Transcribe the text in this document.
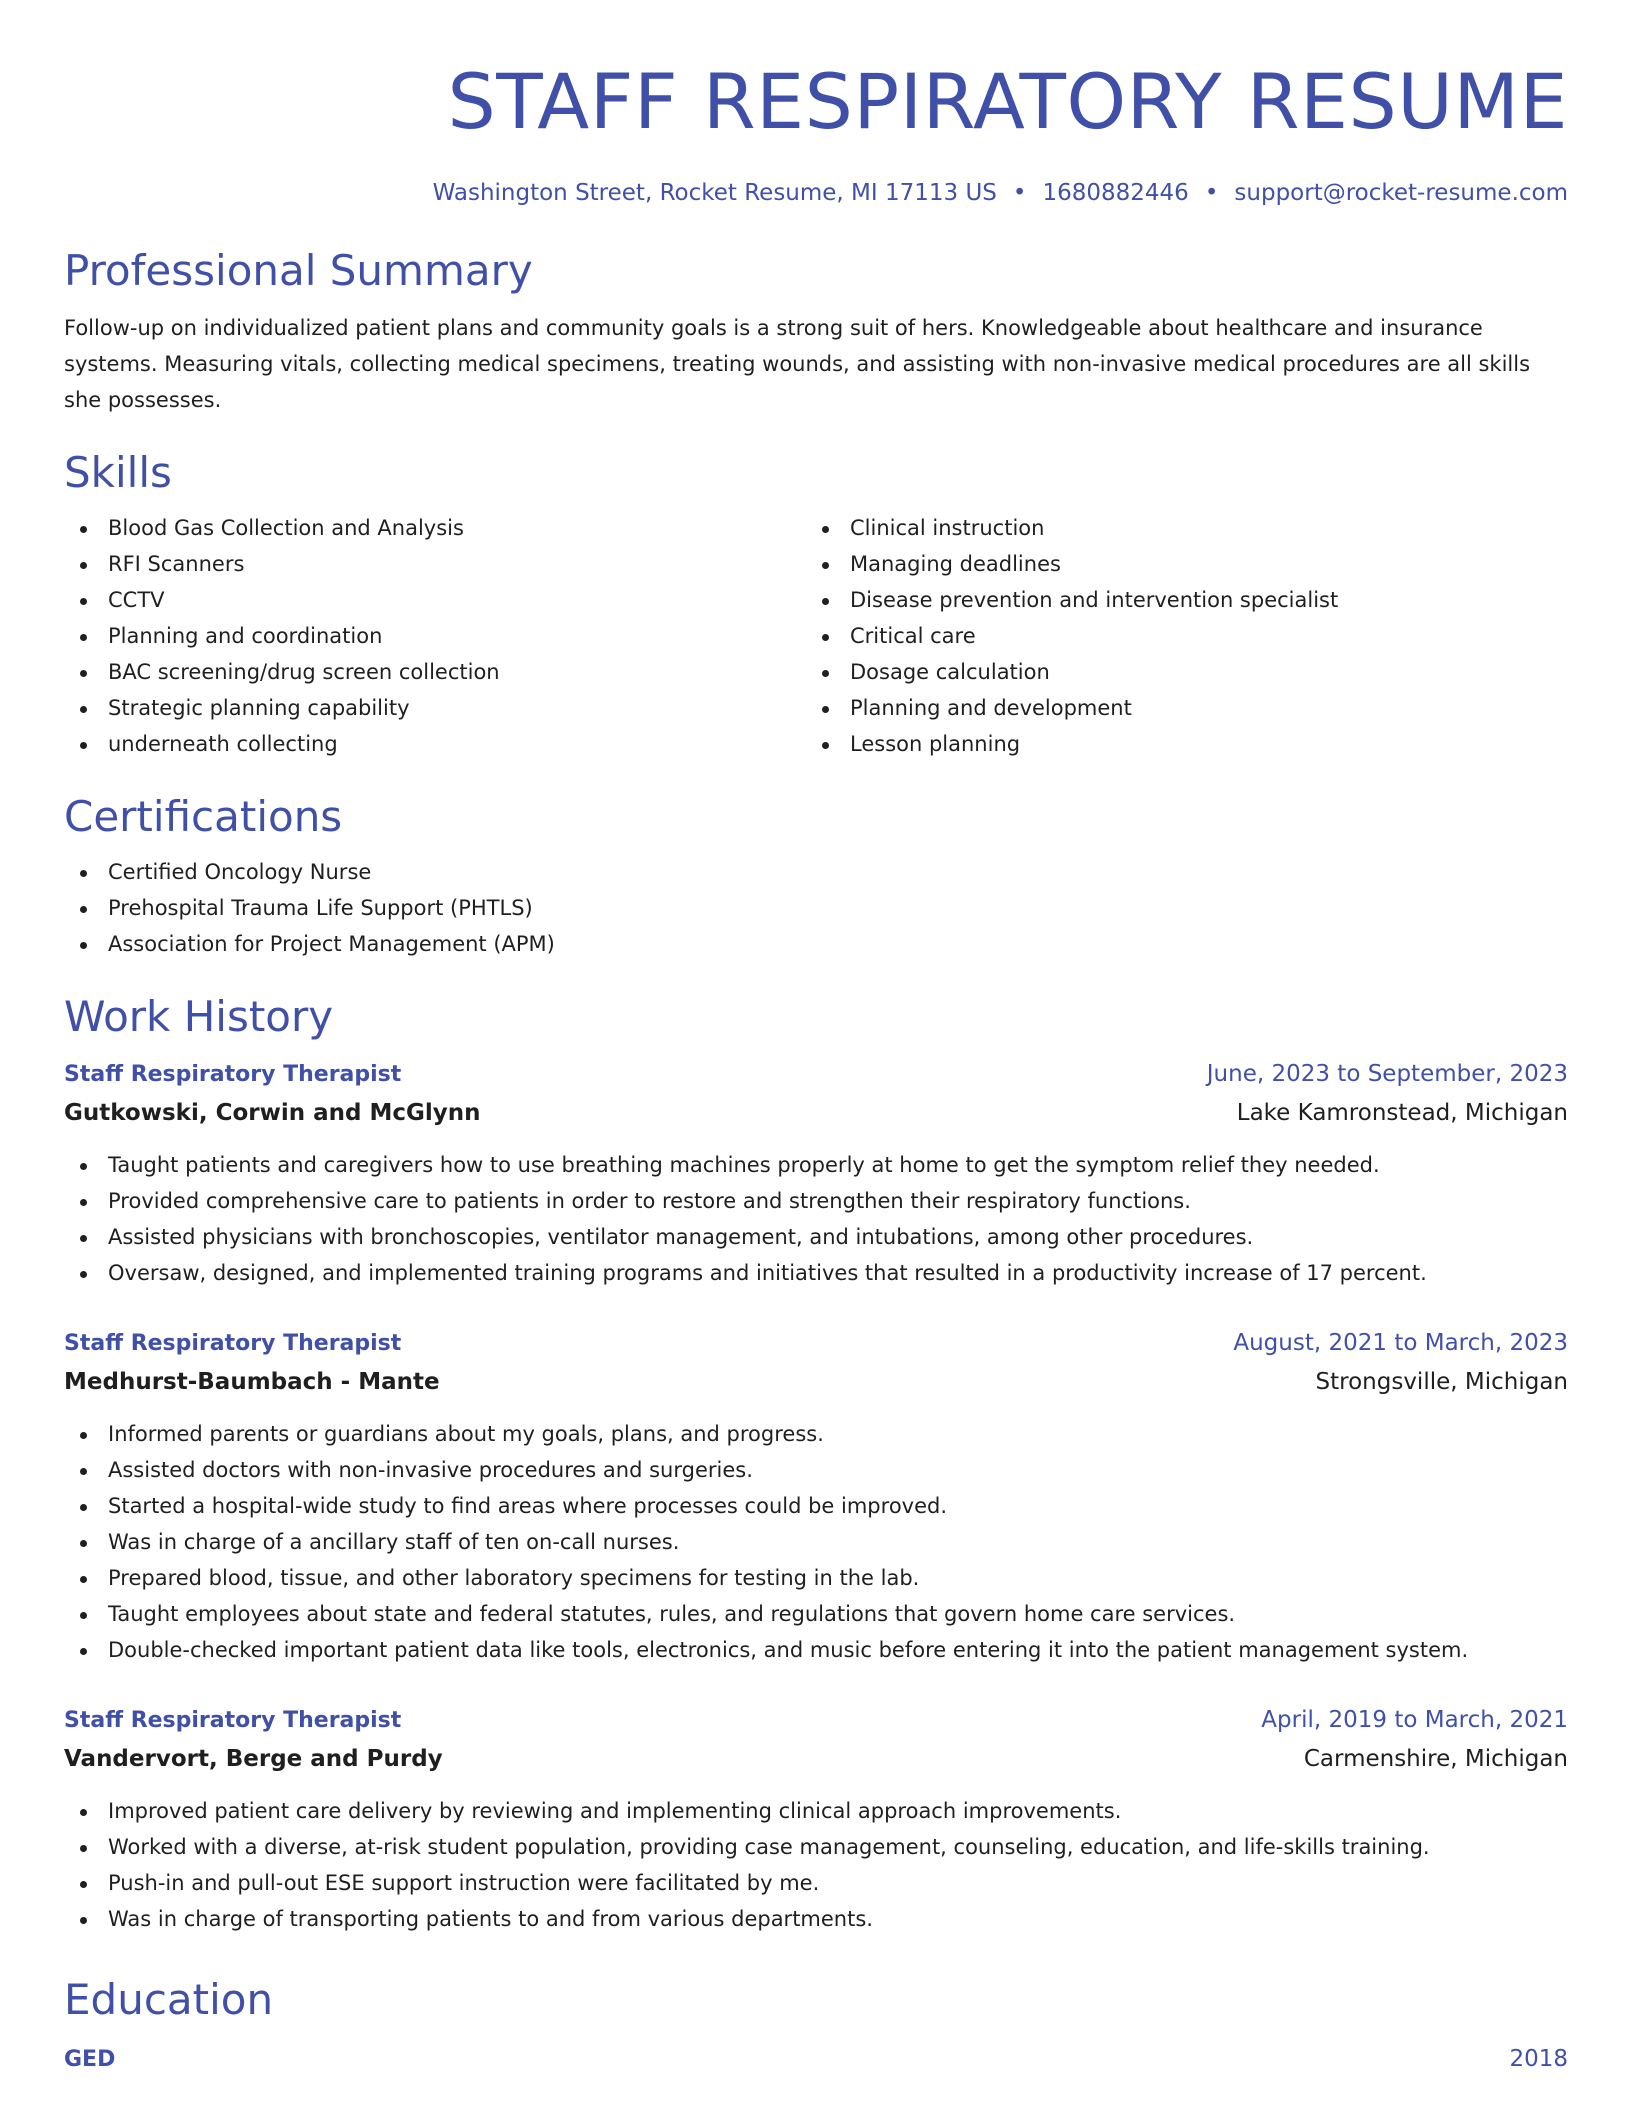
STAFF RESPIRATORY RESUME
Washington Street, Rocket Resume, MI 17113 US • 1680882446 • support@rocket-resume.com
Professional Summary

Follow-up on individualized patient plans and community goals is a strong suit of hers. Knowledgeable about healthcare and insurance systems. Measuring vitals, collecting medical specimens, treating wounds, and assisting with non-invasive medical procedures are all skills she possesses.

Skills
Blood Gas Collection and Analysis
RFI Scanners
CCTV
Planning and coordination
BAC screening/drug screen collection
Strategic planning capability
underneath collecting
Clinical instruction
Managing deadlines
Disease prevention and intervention specialist
Critical care
Dosage calculation
Planning and development
Lesson planning
Certifications
Certified Oncology Nurse
Prehospital Trauma Life Support (PHTLS)
Association for Project Management (APM)
Work History
Staff Respiratory Therapist	June, 2023 to September, 2023
Gutkowski, Corwin and McGlynn	Lake Kamronstead, Michigan
Taught patients and caregivers how to use breathing machines properly at home to get the symptom relief they needed.
Provided comprehensive care to patients in order to restore and strengthen their respiratory functions.
Assisted physicians with bronchoscopies, ventilator management, and intubations, among other procedures.
Oversaw, designed, and implemented training programs and initiatives that resulted in a productivity increase of 17 percent.
Staff Respiratory Therapist	August, 2021 to March, 2023
Medhurst-Baumbach - Mante	Strongsville, Michigan
Informed parents or guardians about my goals, plans, and progress.
Assisted doctors with non-invasive procedures and surgeries.
Started a hospital-wide study to find areas where processes could be improved.
Was in charge of a ancillary staff of ten on-call nurses.
Prepared blood, tissue, and other laboratory specimens for testing in the lab.
Taught employees about state and federal statutes, rules, and regulations that govern home care services.
Double-checked important patient data like tools, electronics, and music before entering it into the patient management system.
Staff Respiratory Therapist	April, 2019 to March, 2021
Vandervort, Berge and Purdy	Carmenshire, Michigan
Improved patient care delivery by reviewing and implementing clinical approach improvements.
Worked with a diverse, at-risk student population, providing case management, counseling, education, and life-skills training.
Push-in and pull-out ESE support instruction were facilitated by me.
Was in charge of transporting patients to and from various departments.
Education
GED	2018
